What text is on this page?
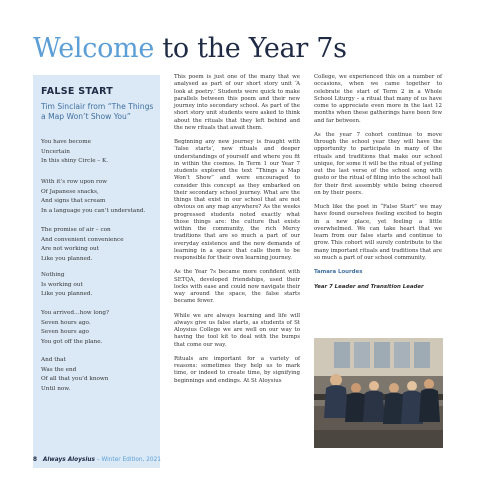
Welcome to the Year 7s
FALSE START
Tim Sinclair from “The Things a Map Won’t Show You”
You have become
Uncertain
In this shiny Circle – K.
With it’s row upon row
Of Japanese snacks,
And signs that scream
In a language you can’t understand.
The promise of air – con
And convenient convenience
Are not working out
Like you planned.
Nothing
Is working out
Like you planned.
You arrived…how long?
Seven hours ago.
Seven hours ago
You got off the plane.
And that
Was the end
Of all that you’d known
Until now.

This poem is just one of the many that we analysed as part of our short story unit ‘A look at poetry.’ Students were quick to make parallels between this poem and their new journey into secondary school. As part of the short story unit students were asked to think about the rituals that they left behind and the new rituals that await them.

Beginning any new journey is fraught with ‘false starts’, new rituals and deeper understandings of yourself and where you fit in within the cosmos. In Term 1 our Year 7 students explored the text “Things a Map Won’t Show” and were encouraged to consider this concept as they embarked on their secondary school journey. What are the things that exist in our school that are not obvious on any map anywhere? As the weeks progressed students noted exactly what those things are: the culture that exists within the community, the rich Mercy traditions that are so much a part of our everyday existence and the new demands of learning in a space that calls them to be responsible for their own learning journey.

As the Year 7s became more confident with SETQA, developed friendships, used their locks with ease and could now navigate their way around the space, the false starts became fewer.

While we are always learning and life will always give us false starts, as students of St Aloysius College we are well on our way to having the tool kit to deal with the bumps that come our way.

Rituals are important for a variety of reasons: sometimes they help us to mark time, or indeed to create time, by signifying beginnings and endings. At St Aloysius

College, we experienced this on a number of occasions, when we came together to celebrate the start of Term 2 in a Whole School Liturgy – a ritual that many of us have come to appreciate even more in the last 12 months when these gatherings have been few and far between.

As the year 7 cohort continue to move through the school year they will have the opportunity to participate in many of the rituals and traditions that make our school unique, for some it will be the ritual of yelling out the last verse of the school song with gusto or the ritual of filing into the school hall for their first assembly while being cheered on by their peers.

Much like the poet in “False Start” we may have found ourselves feeling excited to begin in a new place, yet feeling a little overwhelmed. We can take heart that we learn from our false starts and continue to grow. This cohort will surely contribute to the many important rituals and traditions that are so much a part of our school community.

Tamara Lourdes

Year 7 Leader and Transition Leader

8 Always Aloysius – Winter Edition, 2021
